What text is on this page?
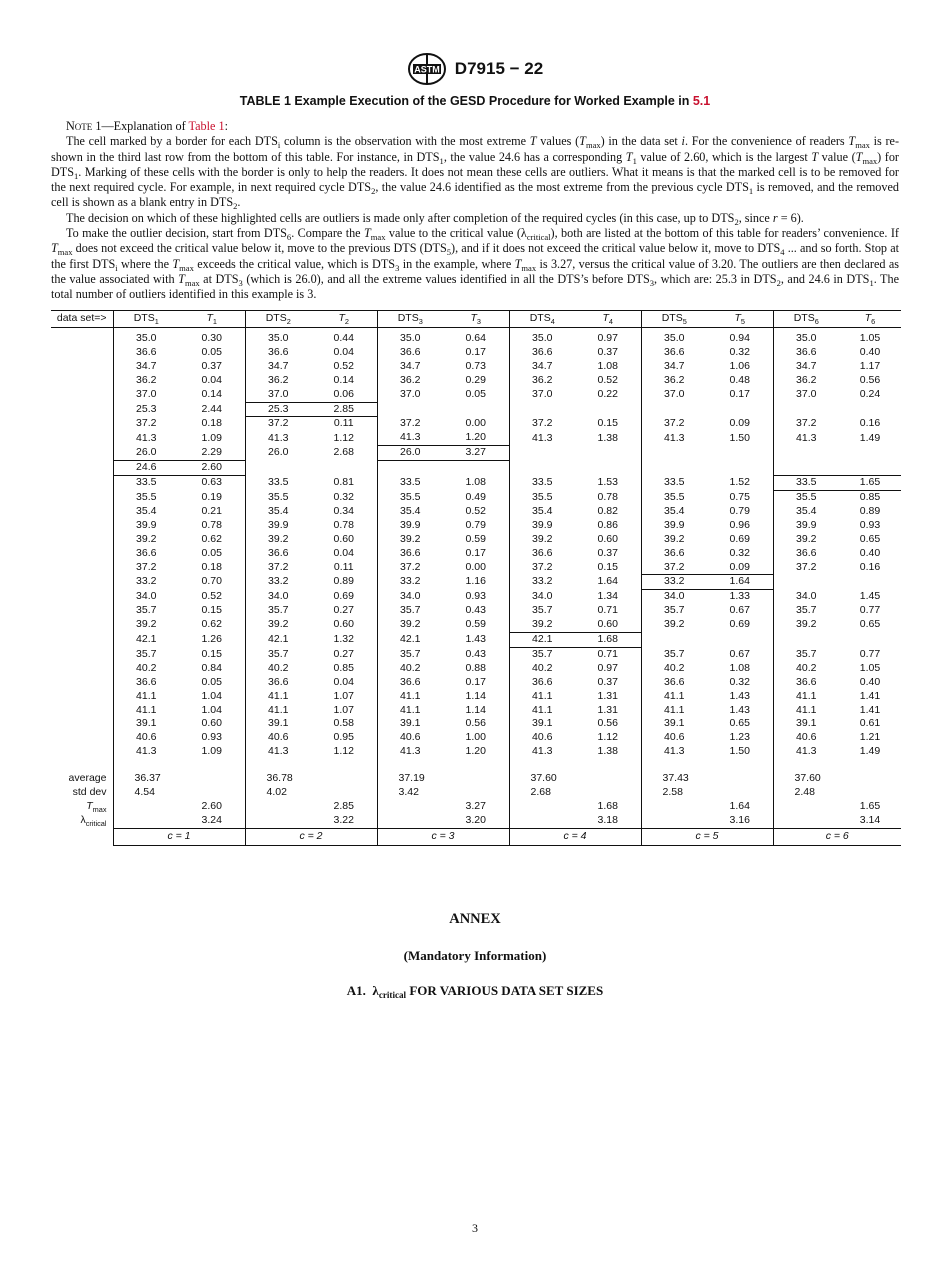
ASTM D7915 − 22
TABLE 1 Example Execution of the GESD Procedure for Worked Example in 5.1

Note 1—Explanation of Table 1:

The cell marked by a border for each $DTS_i$ column is the observation with the most extreme T values $(T_{max})$ in the data set i. For the convenience of readers $T_{max}$ is re-shown in the third last row from the bottom of this table. For instance, in $DTS_1$, the value 24.6 has a corresponding $T_1$ value of 2.60, which is the largest T value $(T_{max})$ for $DTS_1$. Marking of these cells with the border is only to help the readers. It does not mean these cells are outliers. What it means is that the marked cell is to be removed for the next required cycle. For example, in next required cycle $DTS_2$, the value 24.6 identified as the most extreme from the previous cycle $DTS_1$ is removed, and the removed cell is shown as a blank entry in $DTS_2$.

The decision on which of these highlighted cells are outliers is made only after completion of the required cycles (in this case, up to $DTS_2$, since r = 6).

To make the outlier decision, start from $DTS_6$. Compare the $T_{max}$ value to the critical value $(\lambda_{critical})$, both are listed at the bottom of this table for readers’ convenience. If $T_{max}$ does not exceed the critical value below it, move to the previous DTS $(DTS_5)$, and if it does not exceed the critical value below it, move to $DTS_4$ ... and so forth. Stop at the first $DTS_i$ where the $T_{max}$ exceeds the critical value, which is $DTS_3$ in the example, where $T_{max}$ is 3.27, versus the critical value of 3.20. The outliers are then declared as the value associated with $T_{max}$ at $DTS_3$ (which is 26.0), and all the extreme values identified in all the DTS’s before $DTS_3$, which are: 25.3 in $DTS_2$, and 24.6 in $DTS_1$. The total number of outliers identified in this example is 3.

data set=>	$DTS_1$	$T_1$	$DTS_2$	$T_2$	$DTS_3$	$T_3$	$DTS_4$	$T_4$	$DTS_5$	$T_5$	$DTS_6$	$T_6$

	35.0	0.30	35.0	0.44	35.0	0.64	35.0	0.97	35.0	0.94	35.0	1.05
	36.6	0.05	36.6	0.04	36.6	0.17	36.6	0.37	36.6	0.32	36.6	0.40
	34.7	0.37	34.7	0.52	34.7	0.73	34.7	1.08	34.7	1.06	34.7	1.17
	36.2	0.04	36.2	0.14	36.2	0.29	36.2	0.52	36.2	0.48	36.2	0.56
	37.0	0.14	37.0	0.06	37.0	0.05	37.0	0.22	37.0	0.17	37.0	0.24
	25.3	2.44	25.3	2.85								
	37.2	0.18	37.2	0.11	37.2	0.00	37.2	0.15	37.2	0.09	37.2	0.16
	41.3	1.09	41.3	1.12	41.3	1.20	41.3	1.38	41.3	1.50	41.3	1.49
	26.0	2.29	26.0	2.68	26.0	3.27						
	24.6	2.60										
	33.5	0.63	33.5	0.81	33.5	1.08	33.5	1.53	33.5	1.52	33.5	1.65
	35.5	0.19	35.5	0.32	35.5	0.49	35.5	0.78	35.5	0.75	35.5	0.85
	35.4	0.21	35.4	0.34	35.4	0.52	35.4	0.82	35.4	0.79	35.4	0.89
	39.9	0.78	39.9	0.78	39.9	0.79	39.9	0.86	39.9	0.96	39.9	0.93
	39.2	0.62	39.2	0.60	39.2	0.59	39.2	0.60	39.2	0.69	39.2	0.65
	36.6	0.05	36.6	0.04	36.6	0.17	36.6	0.37	36.6	0.32	36.6	0.40
	37.2	0.18	37.2	0.11	37.2	0.00	37.2	0.15	37.2	0.09	37.2	0.16
	33.2	0.70	33.2	0.89	33.2	1.16	33.2	1.64	33.2	1.64		
	34.0	0.52	34.0	0.69	34.0	0.93	34.0	1.34	34.0	1.33	34.0	1.45
	35.7	0.15	35.7	0.27	35.7	0.43	35.7	0.71	35.7	0.67	35.7	0.77
	39.2	0.62	39.2	0.60	39.2	0.59	39.2	0.60	39.2	0.69	39.2	0.65
	42.1	1.26	42.1	1.32	42.1	1.43	42.1	1.68				
	35.7	0.15	35.7	0.27	35.7	0.43	35.7	0.71	35.7	0.67	35.7	0.77
	40.2	0.84	40.2	0.85	40.2	0.88	40.2	0.97	40.2	1.08	40.2	1.05
	36.6	0.05	36.6	0.04	36.6	0.17	36.6	0.37	36.6	0.32	36.6	0.40
	41.1	1.04	41.1	1.07	41.1	1.14	41.1	1.31	41.1	1.43	41.1	1.41
	41.1	1.04	41.1	1.07	41.1	1.14	41.1	1.31	41.1	1.43	41.1	1.41
	39.1	0.60	39.1	0.58	39.1	0.56	39.1	0.56	39.1	0.65	39.1	0.61
	40.6	0.93	40.6	0.95	40.6	1.00	40.6	1.12	40.6	1.23	40.6	1.21
	41.3	1.09	41.3	1.12	41.3	1.20	41.3	1.38	41.3	1.50	41.3	1.49

average	36.37		36.78		37.19		37.60		37.43		37.60	
std dev	4.54		4.02		3.42		2.68		2.58		2.48	
$T_{max}$		2.60		2.85		3.27		1.68		1.64		1.65
$\lambda_{critical}$		3.24		3.22		3.20		3.18		3.16		3.14
	c = 1		c = 2		c = 3		c = 4		c = 5		c = 6	
ANNEX
(Mandatory Information)
A1. $\lambda_{critical}$ FOR VARIOUS DATA SET SIZES
3
